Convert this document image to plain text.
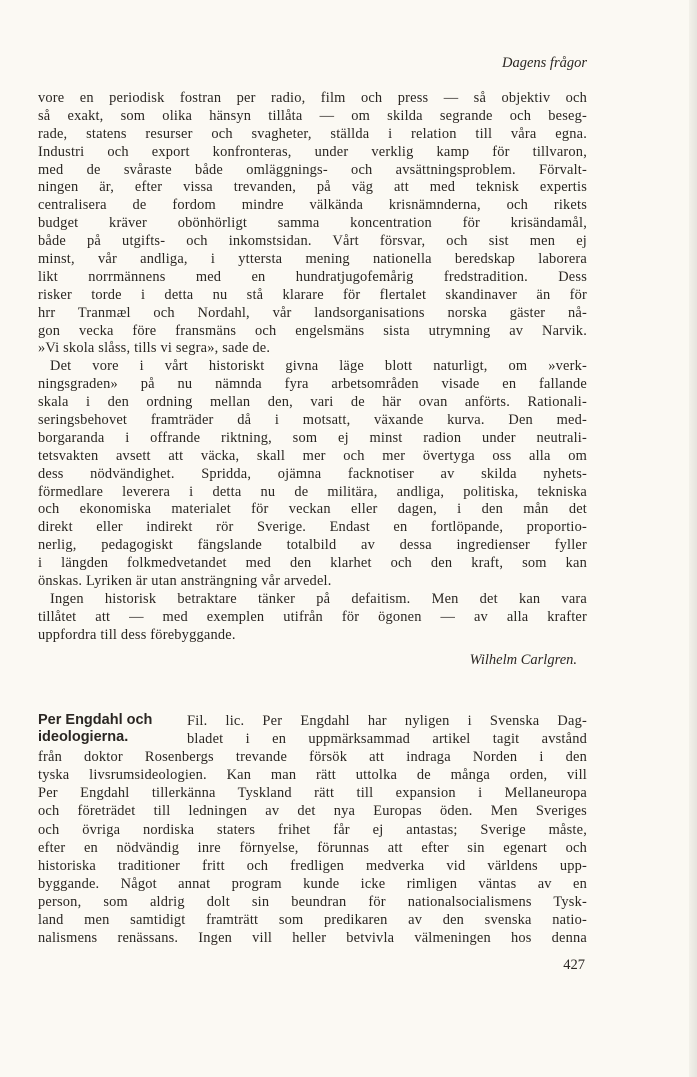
Dagens frågor
vore en periodisk fostran per radio, film och press — så objektiv och
så exakt, som olika hänsyn tillåta — om skilda segrande och beseg-
rade, statens resurser och svagheter, ställda i relation till våra egna.
Industri och export konfronteras, under verklig kamp för tillvaron,
med de svåraste både omläggnings- och avsättningsproblem. Förvalt-
ningen är, efter vissa trevanden, på väg att med teknisk expertis
centralisera de fordom mindre välkända krisnämnderna, och rikets
budget kräver obönhörligt samma koncentration för krisändamål,
både på utgifts- och inkomstsidan. Vårt försvar, och sist men ej
minst, vår andliga, i yttersta mening nationella beredskap laborera
likt norrmännens med en hundratjugofemårig fredstradition. Dess
risker torde i detta nu stå klarare för flertalet skandinaver än för
hrr Tranmæl och Nordahl, vår landsorganisations norska gäster nå-
gon vecka före fransmäns och engelsmäns sista utrymning av Narvik.
»Vi skola slåss, tills vi segra», sade de.
Det vore i vårt historiskt givna läge blott naturligt, om »verk-
ningsgraden» på nu nämnda fyra arbetsområden visade en fallande
skala i den ordning mellan den, vari de här ovan anförts. Rationali-
seringsbehovet framträder då i motsatt, växande kurva. Den med-
borgaranda i offrande riktning, som ej minst radion under neutrali-
tetsvakten avsett att väcka, skall mer och mer övertyga oss alla om
dess nödvändighet. Spridda, ojämna facknotiser av skilda nyhets-
förmedlare leverera i detta nu de militära, andliga, politiska, tekniska
och ekonomiska materialet för veckan eller dagen, i den mån det
direkt eller indirekt rör Sverige. Endast en fortlöpande, proportio-
nerlig, pedagogiskt fängslande totalbild av dessa ingredienser fyller
i längden folkmedvetandet med den klarhet och den kraft, som kan
önskas. Lyriken är utan ansträngning vår arvedel.
Ingen historisk betraktare tänker på defaitism. Men det kan vara
tillåtet att — med exemplen utifrån för ögonen — av alla krafter
uppfordra till dess förebyggande.
Wilhelm Carlgren.
Per Engdahl och
ideologierna.
Fil. lic. Per Engdahl har nyligen i Svenska Dag-
bladet i en uppmärksammad artikel tagit avstånd
från doktor Rosenbergs trevande försök att indraga Norden i den
tyska livsrumsideologien. Kan man rätt uttolka de många orden, vill
Per Engdahl tillerkänna Tyskland rätt till expansion i Mellaneuropa
och företrädet till ledningen av det nya Europas öden. Men Sveriges
och övriga nordiska staters frihet får ej antastas; Sverige måste,
efter en nödvändig inre förnyelse, förunnas att efter sin egenart och
historiska traditioner fritt och fredligen medverka vid världens upp-
byggande. Något annat program kunde icke rimligen väntas av en
person, som aldrig dolt sin beundran för nationalsocialismens Tysk-
land men samtidigt framträtt som predikaren av den svenska natio-
nalismens renässans. Ingen vill heller betvivla välmeningen hos denna
427
